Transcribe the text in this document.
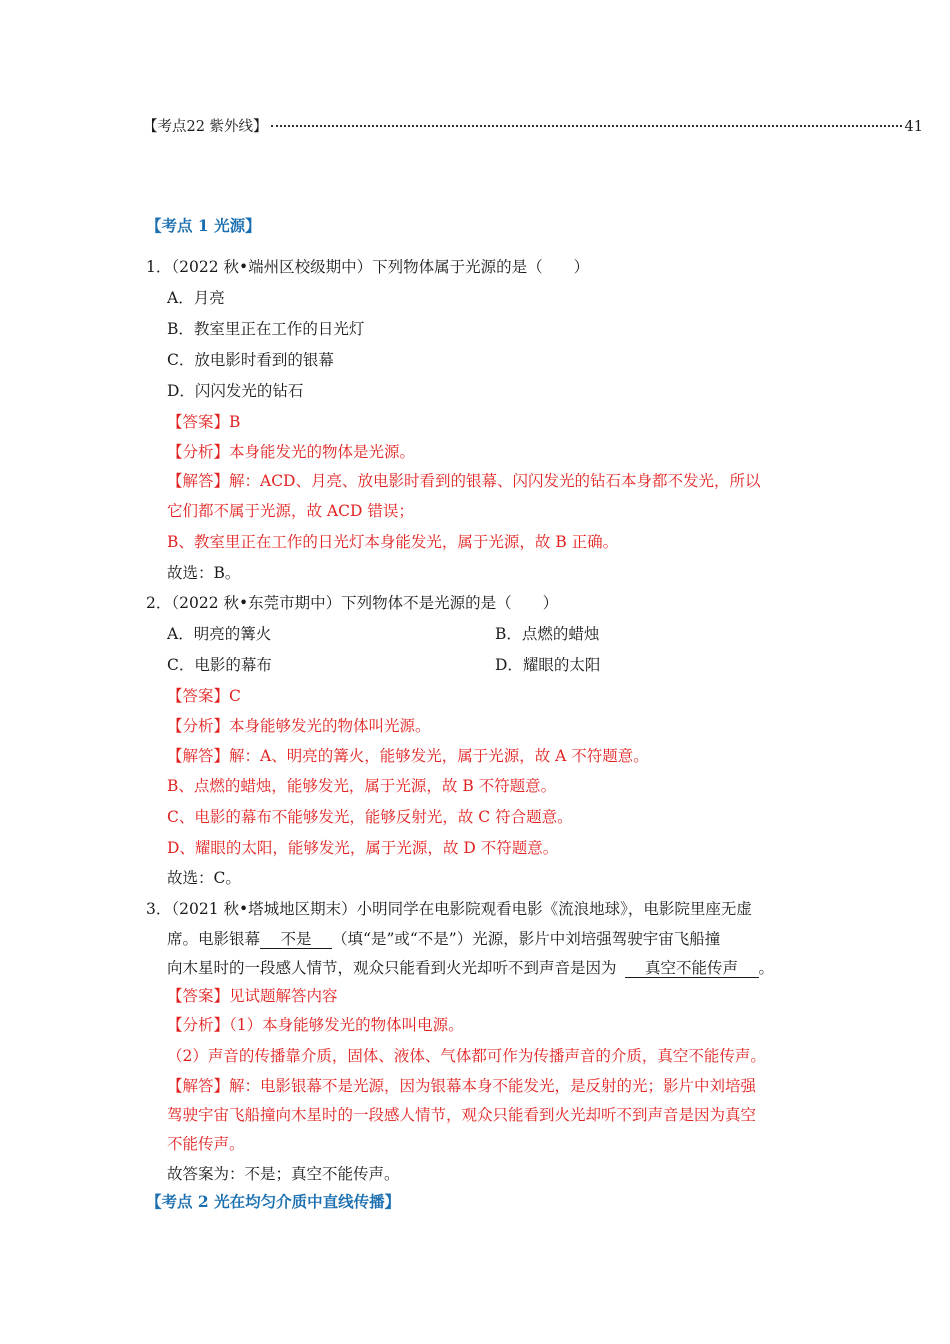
【考点22 紫外线】	41
【考点 1 光源】
1．（2022 秋•端州区校级期中）下列物体属于光源的是（　　）
A．月亮
B．教室里正在工作的日光灯
C．放电影时看到的银幕
D．闪闪发光的钻石
【答案】B
【分析】本身能发光的物体是光源。
【解答】解：ACD、月亮、放电影时看到的银幕、闪闪发光的钻石本身都不发光，所以
它们都不属于光源，故 ACD 错误；
B、教室里正在工作的日光灯本身能发光，属于光源，故 B 正确。
故选：B。
2．（2022 秋•东莞市期中）下列物体不是光源的是（　　）
A．明亮的篝火	B．点燃的蜡烛
C．电影的幕布	D．耀眼的太阳
【答案】C
【分析】本身能够发光的物体叫光源。
【解答】解：A、明亮的篝火，能够发光，属于光源，故 A 不符题意。
B、点燃的蜡烛，能够发光，属于光源，故 B 不符题意。
C、电影的幕布不能够发光，能够反射光，故 C 符合题意。
D、耀眼的太阳，能够发光，属于光源，故 D 不符题意。
故选：C。
3．（2021 秋•塔城地区期末）小明同学在电影院观看电影《流浪地球》，电影院里座无虚
席。电影银幕 不是 （填“是”或“不是”）光源，影片中刘培强驾驶宇宙飞船撞
向木星时的一段感人情节，观众只能看到火光却听不到声音是因为 真空不能传声 。
【答案】见试题解答内容
【分析】（1）本身能够发光的物体叫电源。
（2）声音的传播靠介质，固体、液体、气体都可作为传播声音的介质，真空不能传声。
【解答】解：电影银幕不是光源，因为银幕本身不能发光，是反射的光；影片中刘培强
驾驶宇宙飞船撞向木星时的一段感人情节，观众只能看到火光却听不到声音是因为真空
不能传声。
故答案为：不是；真空不能传声。
【考点 2 光在均匀介质中直线传播】
